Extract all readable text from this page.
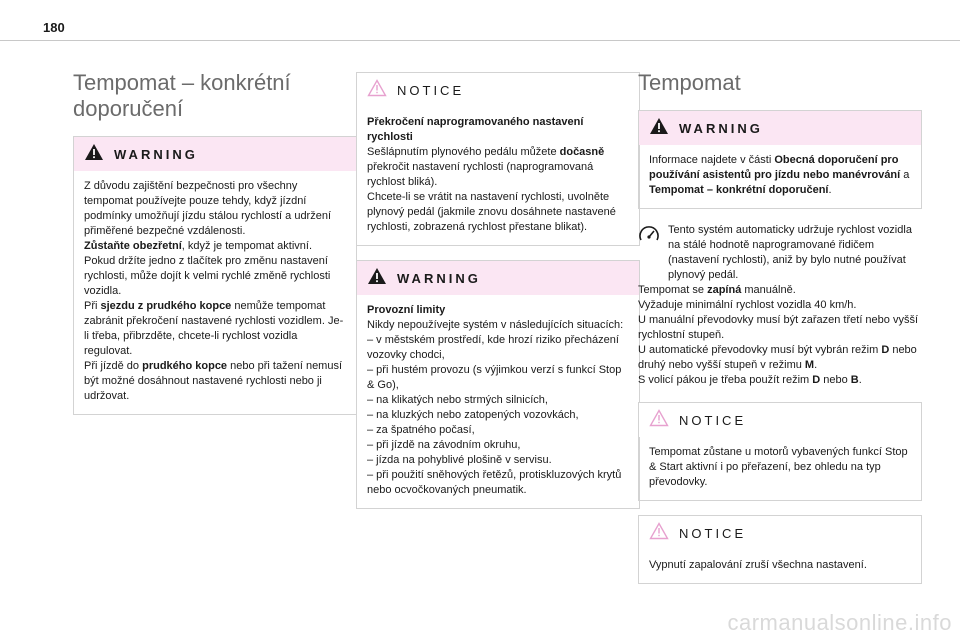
180
Tempomat – konkrétní doporučení
WARNING

Z důvodu zajištění bezpečnosti pro všechny tempomat používejte pouze tehdy, když jízdní podmínky umožňují jízdu stálou rychlostí a udržení přiměřené bezpečné vzdálenosti.

Zůstaňte obezřetní, když je tempomat aktivní. Pokud držíte jedno z tlačítek pro změnu nastavení rychlosti, může dojít k velmi rychlé změně rychlosti vozidla.

Při sjezdu z prudkého kopce nemůže tempomat zabránit překročení nastavené rychlosti vozidlem. Je-li třeba, přibrzděte, chcete-li rychlost vozidla regulovat.

Při jízdě do prudkého kopce nebo při tažení nemusí být možné dosáhnout nastavené rychlosti nebo ji udržovat.

NOTICE

Překročení naprogramovaného nastavení rychlosti

Sešlápnutím plynového pedálu můžete dočasně překročit nastavení rychlosti (naprogramovaná rychlost bliká).

Chcete-li se vrátit na nastavení rychlosti, uvolněte plynový pedál (jakmile znovu dosáhnete nastavené rychlosti, zobrazená rychlost přestane blikat).

WARNING

Provozní limity

Nikdy nepoužívejte systém v následujících situacích:

– v městském prostředí, kde hrozí riziko přecházení vozovky chodci,
– při hustém provozu (s výjimkou verzí s funkcí Stop & Go),
– na klikatých nebo strmých silnicích,
– na kluzkých nebo zatopených vozovkách,
– za špatného počasí,
– při jízdě na závodním okruhu,
– jízda na pohyblivé plošině v servisu.
– při použití sněhových řetězů, protiskluzových krytů nebo ocvočkovaných pneumatik.
Tempomat
WARNING

Informace najdete v části Obecná doporučení pro používání asistentů pro jízdu nebo manévrování a Tempomat – konkrétní doporučení.

Tento systém automaticky udržuje rychlost vozidla na stálé hodnotě naprogramované řidičem (nastavení rychlosti), aniž by bylo nutné používat plynový pedál.

Tempomat se zapíná manuálně.

Vyžaduje minimální rychlost vozidla 40 km/h.

U manuální převodovky musí být zařazen třetí nebo vyšší rychlostní stupeň.

U automatické převodovky musí být vybrán režim D nebo druhý nebo vyšší stupeň v režimu M.

S volicí pákou je třeba použít režim D nebo B.

NOTICE

Tempomat zůstane u motorů vybavených funkcí Stop & Start aktivní i po přeřazení, bez ohledu na typ převodovky.

NOTICE

Vypnutí zapalování zruší všechna nastavení.

carmanualsonline.info
